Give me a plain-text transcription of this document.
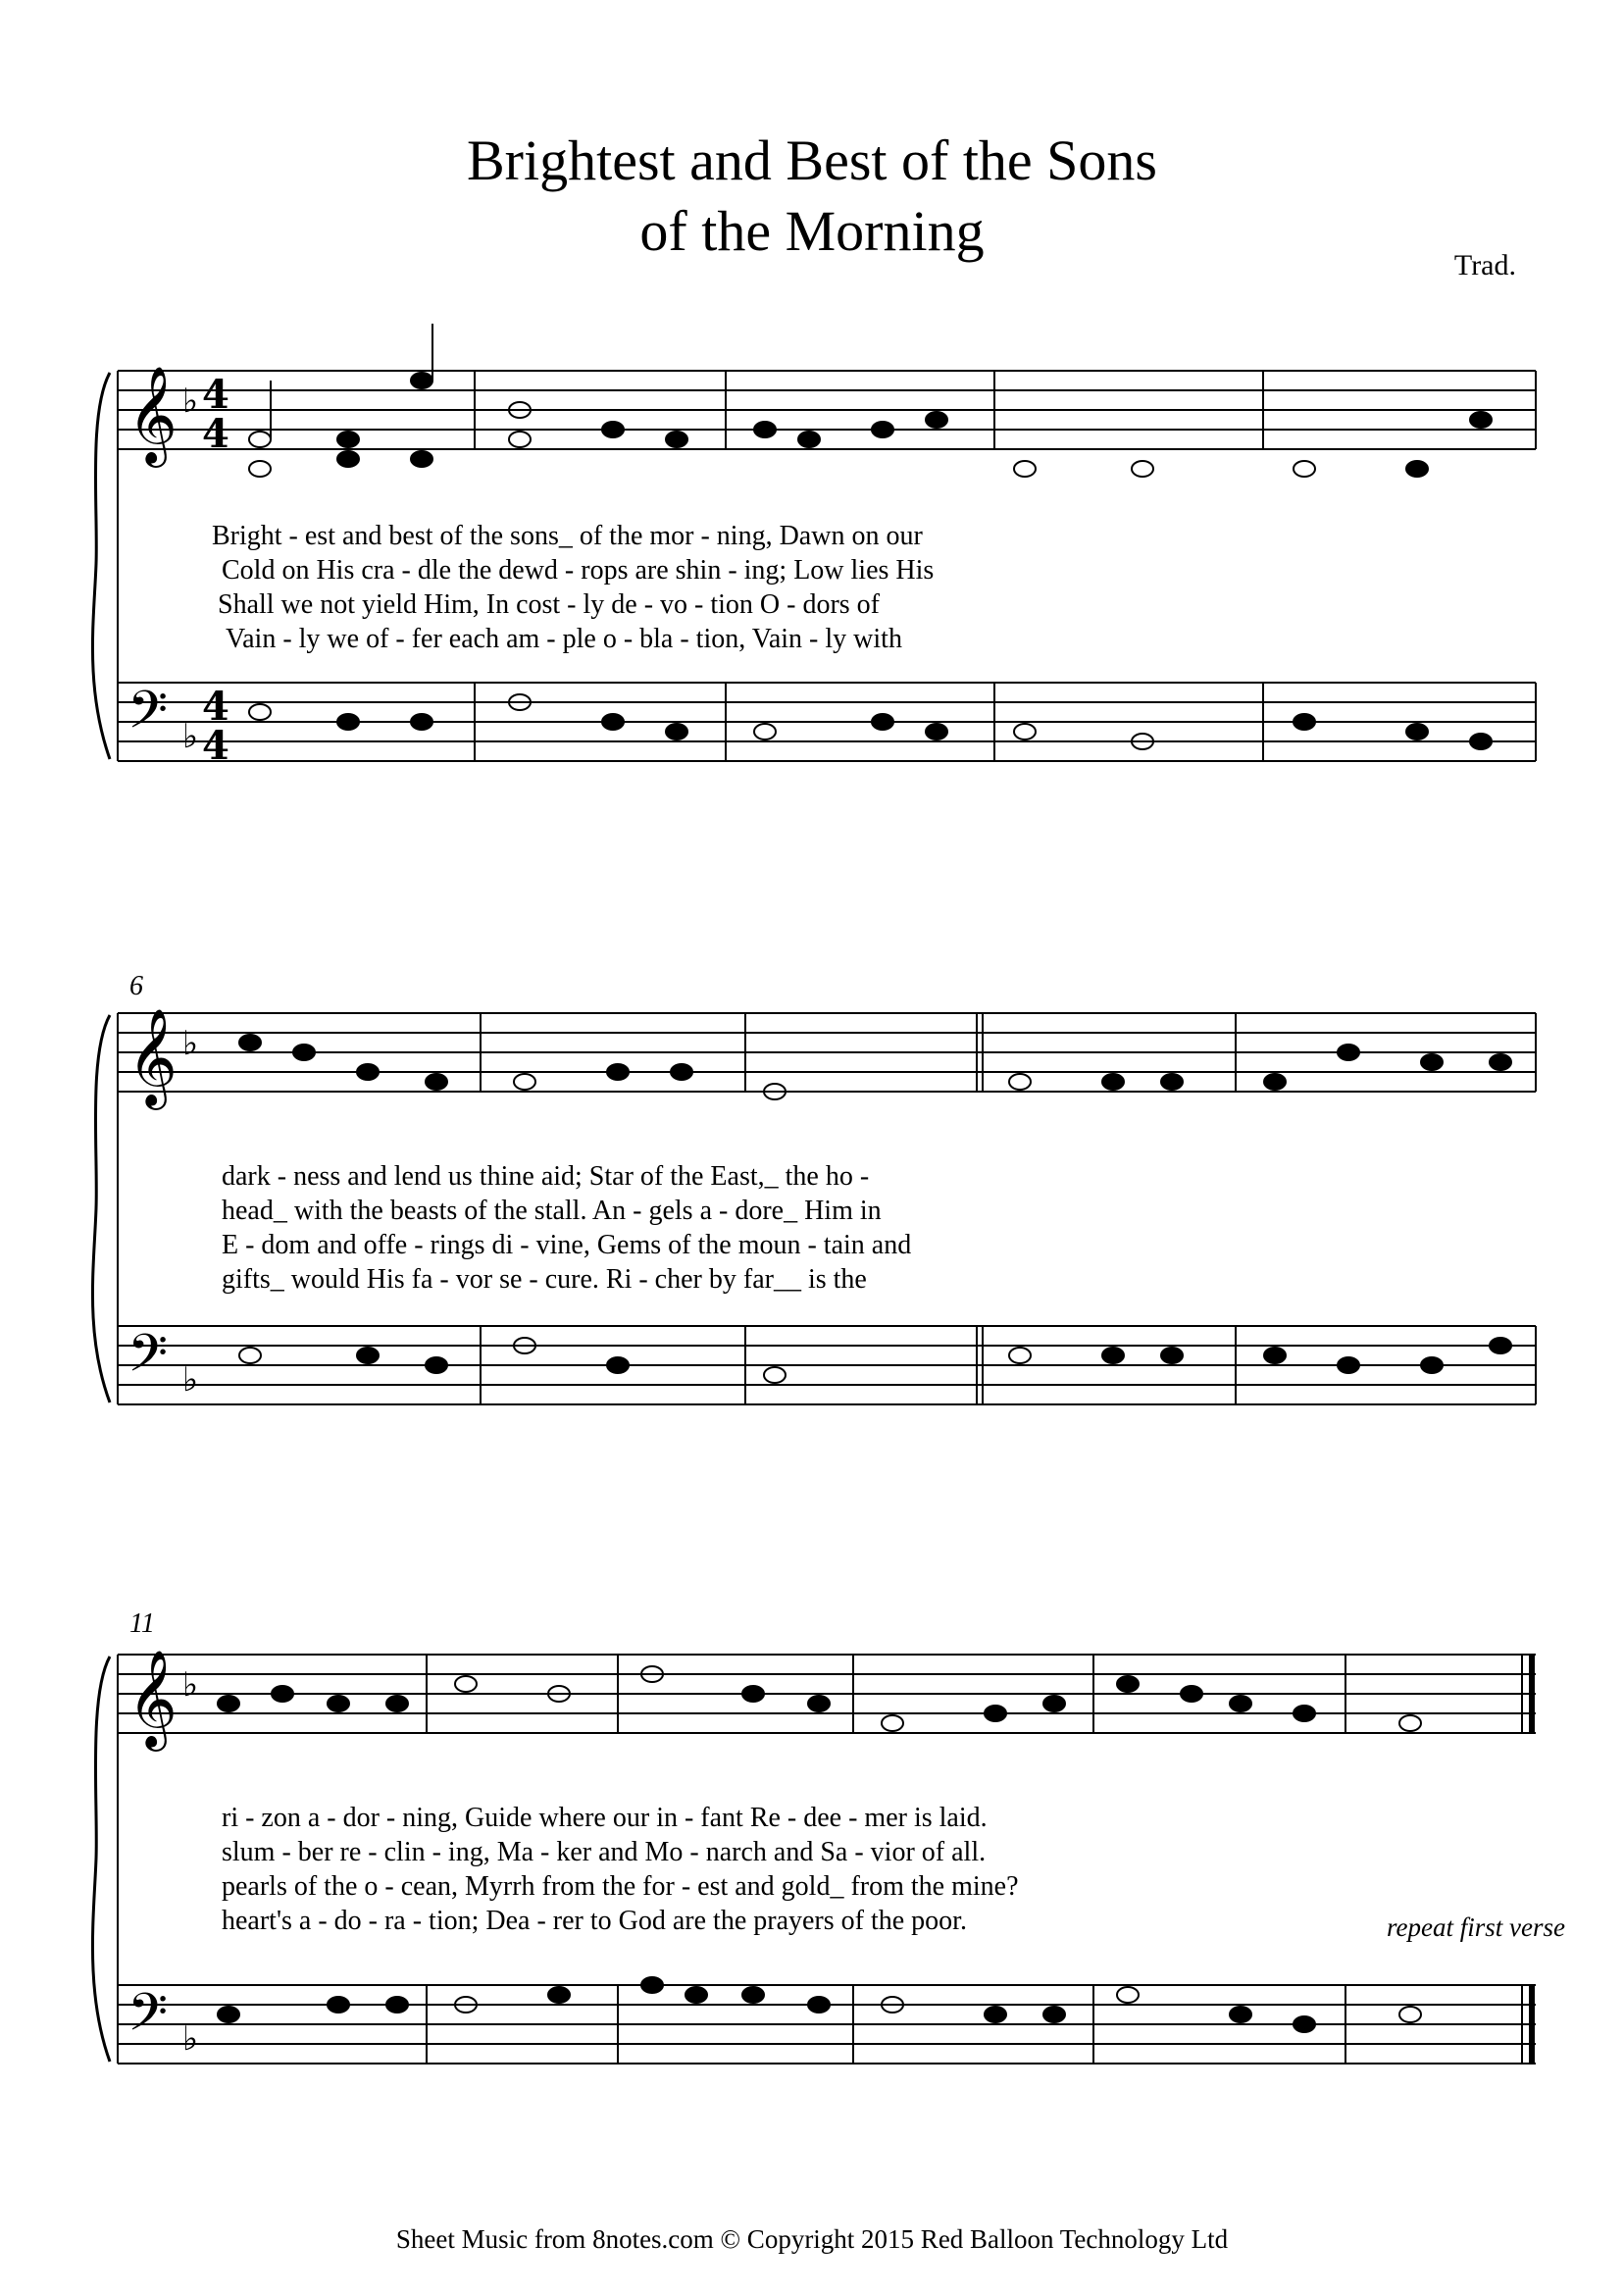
Brightest and Best of the Sons
of the Morning
Trad.
6
11
repeat first verse
𝄞
𝄢
♭
♭
4
4
4
4
Bright - est and best of the sons_ of the mor - ning, Dawn on our
Cold on His cra - dle the dewd - rops are shin - ing; Low lies His
Shall we not yield Him, In cost - ly de - vo - tion O - dors of
Vain - ly we of - fer each am - ple o - bla - tion, Vain - ly with
𝄞
𝄢
♭
♭
dark - ness and lend us thine aid; Star of the East,_ the ho -
head_ with the beasts of the stall. An - gels a - dore_ Him in
E - dom and offe - rings di - vine, Gems of the moun - tain and
gifts_ would His fa - vor se - cure. Ri - cher by far__ is the
𝄞
𝄢
♭
♭
ri - zon a - dor - ning, Guide where our in - fant Re - dee - mer is laid.
slum - ber re - clin - ing, Ma - ker and Mo - narch and Sa - vior of all.
pearls of the o - cean, Myrrh from the for - est and gold_ from the mine?
heart's a - do - ra - tion; Dea - rer to God are the prayers of the poor.
Sheet Music from 8notes.com © Copyright 2015 Red Balloon Technology Ltd
